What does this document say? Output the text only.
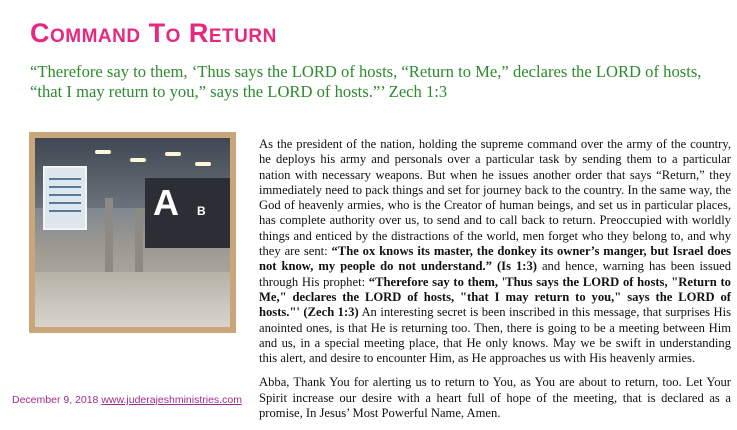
Command To Return
“Therefore say to them, ‘Thus says the LORD of hosts, “Return to Me,” declares the LORD of hosts, “that I may return to you,” says the LORD of hosts.”’ Zech 1:3
A B

As the president of the nation, holding the supreme command over the army of the country, he deploys his army and personals over a particular task by sending them to a particular nation with necessary weapons. But when he issues another order that says “Return,” they immediately need to pack things and set for journey back to the country. In the same way, the God of heavenly armies, who is the Creator of human beings, and set us in particular places, has complete authority over us, to send and to call back to return. Preoccupied with worldly things and enticed by the distractions of the world, men forget who they belong to, and why they are sent: “The ox knows its master, the donkey its owner’s manger, but Israel does not know, my people do not understand.” (Is 1:3) and hence, warning has been issued through His prophet: “Therefore say to them, 'Thus says the LORD of hosts, "Return to Me," declares the LORD of hosts, "that I may return to you," says the LORD of hosts."' (Zech 1:3) An interesting secret is been inscribed in this message, that surprises His anointed ones, is that He is returning too. Then, there is going to be a meeting between Him and us, in a special meeting place, that He only knows. May we be swift in understanding this alert, and desire to encounter Him, as He approaches us with His heavenly armies.

Abba, Thank You for alerting us to return to You, as You are about to return, too. Let Your Spirit increase our desire with a heart full of hope of the meeting, that is declared as a promise, In Jesus’ Most Powerful Name, Amen.

December 9, 2018 www.juderajeshministries.com
